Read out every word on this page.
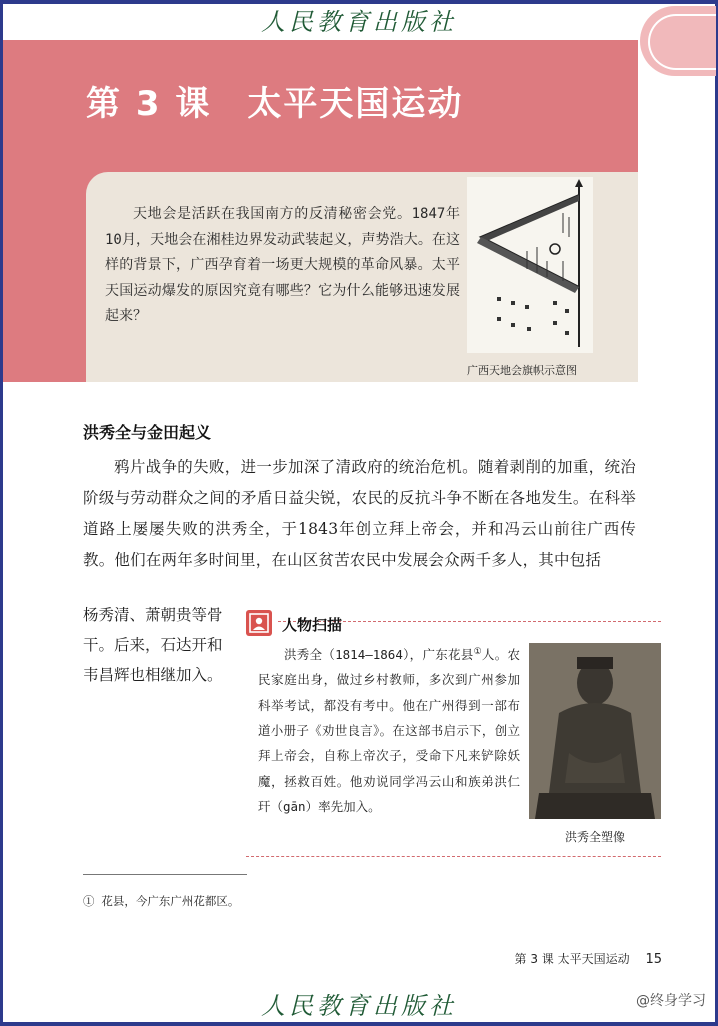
人民教育出版社
第 3 课 太平天国运动

天地会是活跃在我国南方的反清秘密会党。1847年10月，天地会在湘桂边界发动武装起义，声势浩大。在这样的背景下，广西孕育着一场更大规模的革命风暴。太平天国运动爆发的原因究竟有哪些？它为什么能够迅速发展起来？

广西天地会旗帜示意图
洪秀全与金田起义

鸦片战争的失败，进一步加深了清政府的统治危机。随着剥削的加重，统治阶级与劳动群众之间的矛盾日益尖锐，农民的反抗斗争不断在各地发生。在科举道路上屡屡失败的洪秀全，于1843年创立拜上帝会，并和冯云山前往广西传教。他们在两年多时间里，在山区贫苦农民中发展会众两千多人，其中包括

杨秀清、萧朝贵等骨干。后来，石达开和韦昌辉也相继加入。

人物扫描

洪秀全（1814—1864），广东花县①人。农民家庭出身，做过乡村教师，多次到广州参加科举考试，都没有考中。他在广州得到一部布道小册子《劝世良言》。在这部书启示下，创立拜上帝会，自称上帝次子，受命下凡来铲除妖魔，拯救百姓。他劝说同学冯云山和族弟洪仁玕（gān）率先加入。

洪秀全塑像
① 花县，今广东广州花都区。
第 3 课 太平天国运动 15
人民教育出版社	@终身学习
